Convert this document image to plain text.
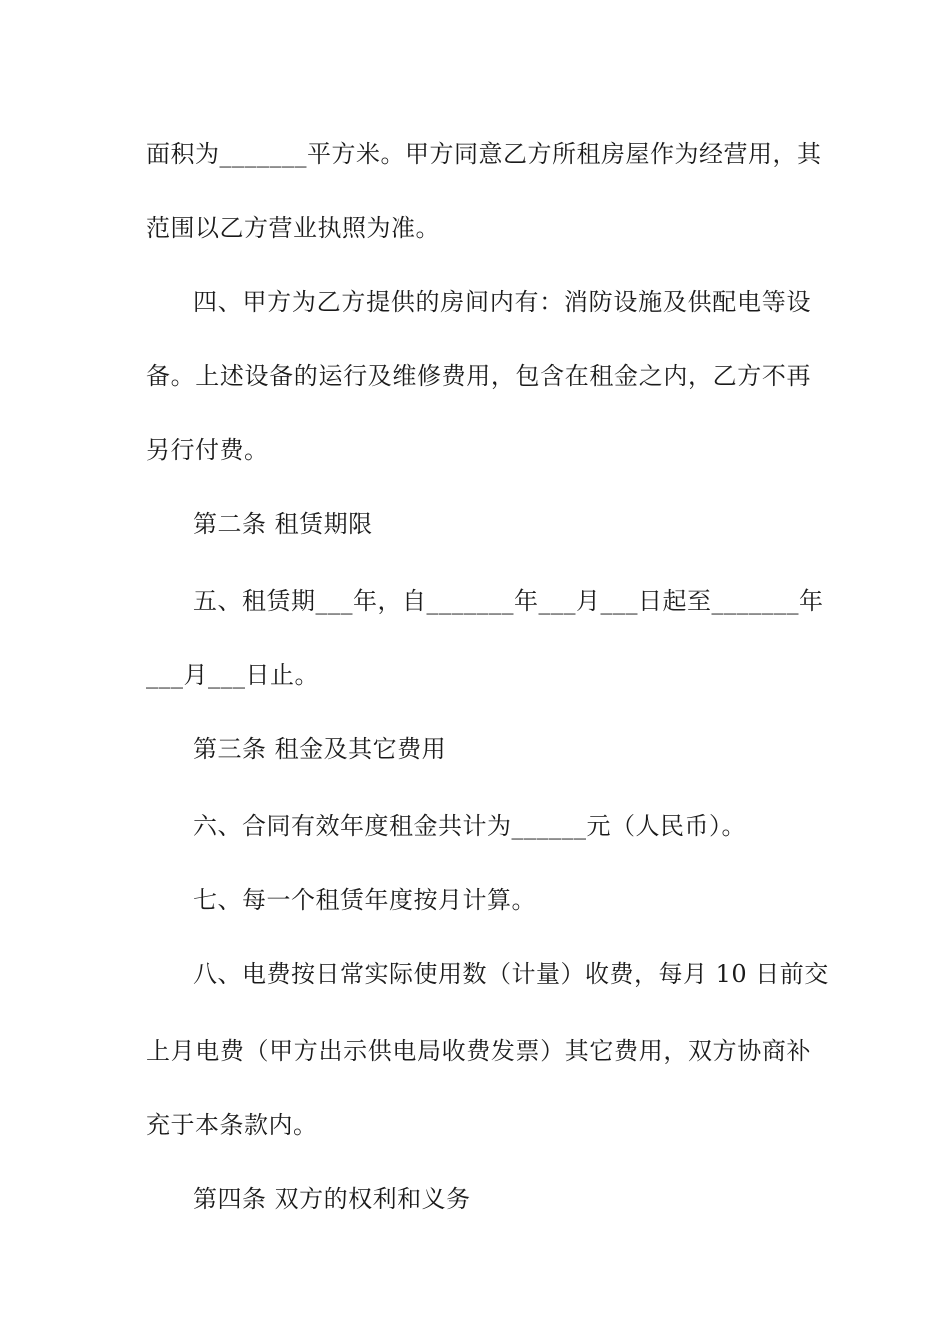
面积为_______平方米。甲方同意乙方所租房屋作为经营用，其
范围以乙方营业执照为准。
四、甲方为乙方提供的房间内有：消防设施及供配电等设
备。上述设备的运行及维修费用，包含在租金之内，乙方不再
另行付费。
第二条 租赁期限
五、租赁期___年，自_______年___月___日起至_______年
___月___日止。
第三条 租金及其它费用
六、合同有效年度租金共计为______元（人民币）。
七、每一个租赁年度按月计算。
八、电费按日常实际使用数（计量）收费，每月 10 日前交
上月电费（甲方出示供电局收费发票）其它费用，双方协商补
充于本条款内。
第四条 双方的权利和义务
